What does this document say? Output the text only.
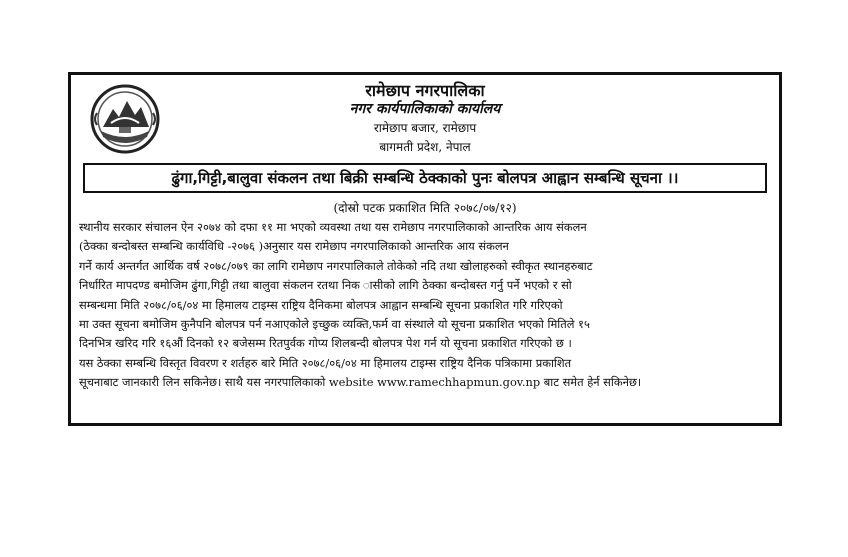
रामेछाप नगरपालिका
नगर कार्यपालिकाको कार्यालय
रामेछाप बजार, रामेछाप
बागमती प्रदेश, नेपाल
ढुंगा,गिट्टी,बालुवा संकलन तथा बिक्री सम्बन्धि ठेक्काको पुनः बोलपत्र आह्वान सम्बन्धि सूचना ।।
(दोस्रो पटक प्रकाशित मिति २०७८/०७/१२)
स्थानीय सरकार संचालन ऐन २०७४ को दफा ११ मा भएको व्यवस्था तथा यस रामेछाप नगरपालिकाको आन्तरिक आय संकलन
(ठेक्का बन्दोबस्त सम्बन्धि कार्यविधि -२०७६ )अनुसार यस रामेछाप नगरपालिकाको आन्तरिक आय संकलन
गर्ने कार्य अन्तर्गत आर्थिक वर्ष २०७८/०७९ का लागि रामेछाप नगरपालिकाले तोकेको नदि तथा खोलाहरुको स्वीकृत स्थानहरुबाट
निर्धारित मापदण्ड बमोजिम ढुंगा,गिट्टी तथा बालुवा संकलन रतथा निक ासीको लागि ठेक्का बन्दोबस्त गर्नु पर्ने भएको र सो
सम्बन्धमा मिति २०७८/०६/०४ मा हिमालय टाइम्स राष्ट्रिय दैनिकमा बोलपत्र आह्वान सम्बन्धि सूचना प्रकाशित गरि गरिएको
मा उक्त सूचना बमोजिम कुनैपनि बोलपत्र पर्न नआएकोले इच्छुक व्यक्ति,फर्म वा संस्थाले यो सूचना प्रकाशित भएको मितिले १५
दिनभित्र खरिद गरि १६औं दिनको १२ बजेसम्म रितपुर्वक गोप्य शिलबन्दी बोलपत्र पेश गर्न यो सूचना प्रकाशित गरिएको छ ।
यस ठेक्का सम्बन्धि विस्तृत विवरण र शर्तहरु बारे मिति २०७८/०६/०४ मा हिमालय टाइम्स राष्ट्रिय दैनिक पत्रिकामा प्रकाशित
सूचनाबाट जानकारी लिन सकिनेछ। साथै यस नगरपालिकाको website www.ramechhapmun.gov.np बाट समेत हेर्न सकिनेछ।
